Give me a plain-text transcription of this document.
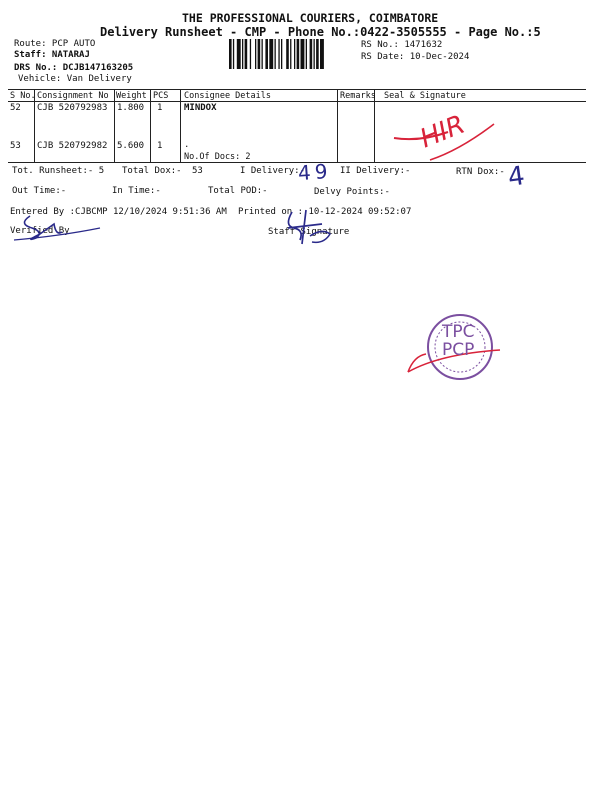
THE PROFESSIONAL COURIERS, COIMBATORE
Delivery Runsheet - CMP - Phone No.:0422-3505555 - Page No.:5
Route: PCP AUTO
Staff: NATARAJ
DRS No.: DCJB147163205
Vehicle: Van Delivery
RS No.: 1471632
RS Date: 10-Dec-2024
S No. Consignment No Weight PCS Consignee Details	Remarks Seal & Signature
52 CJB 520792983 1.800 1 MINDOX
53 CJB 520792982 5.600 1 .
No.Of Docs: 2
Tot. Runsheet:- 5 Total Dox:- 53	I Delivery:-
49 II Delivery:-	RTN Dox:- 4
Out Time:-	In Time:-	Total POD:-	Delvy Points:-
Entered By :CJBCMP 12/10/2024 9:51:36 AM Printed on : 10-12-2024 09:52:07
Verified By	Staff Signature
HIR
TPC
PCP
